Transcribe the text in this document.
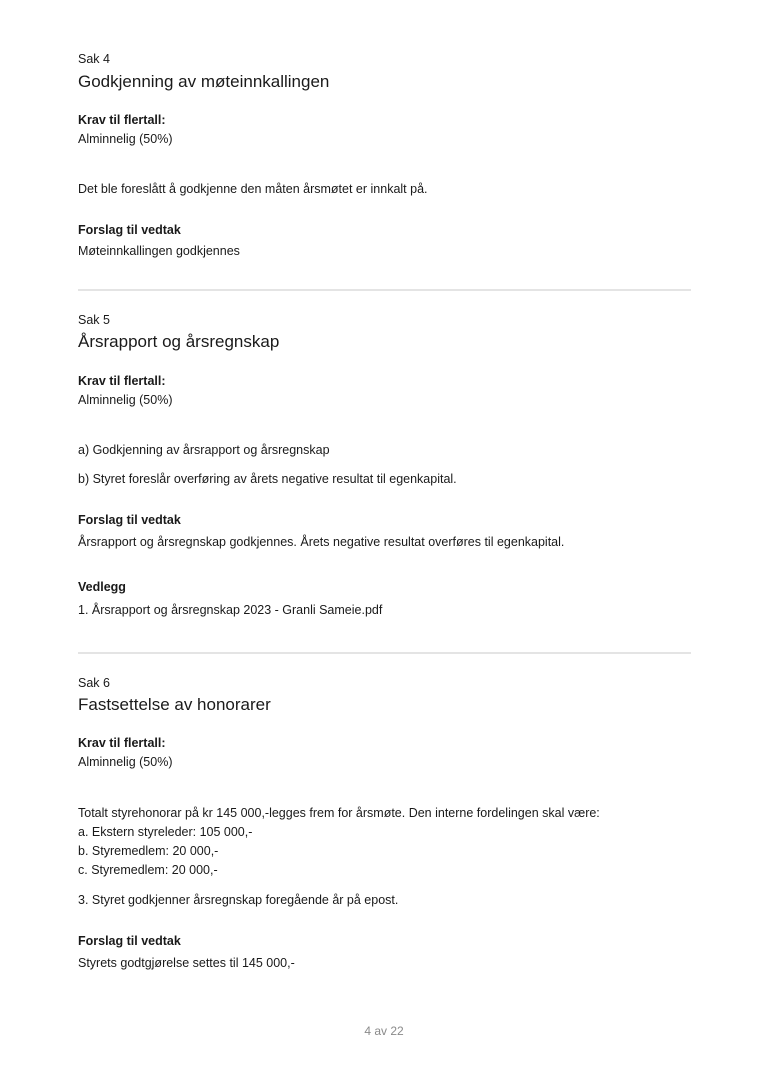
Sak 4
Godkjenning av møteinnkallingen
Krav til flertall:
Alminnelig (50%)
Det ble foreslått å godkjenne den måten årsmøtet er innkalt på.
Forslag til vedtak
Møteinnkallingen godkjennes
Sak 5
Årsrapport og årsregnskap
Krav til flertall:
Alminnelig (50%)
a) Godkjenning av årsrapport og årsregnskap
b) Styret foreslår overføring av årets negative resultat til egenkapital.
Forslag til vedtak
Årsrapport og årsregnskap godkjennes. Årets negative resultat overføres til egenkapital.
Vedlegg
1. Årsrapport og årsregnskap 2023 - Granli Sameie.pdf
Sak 6
Fastsettelse av honorarer
Krav til flertall:
Alminnelig (50%)
Totalt styrehonorar på kr 145 000,-legges frem for årsmøte. Den interne fordelingen skal være:
a. Ekstern styreleder: 105 000,-
b. Styremedlem: 20 000,-
c. Styremedlem: 20 000,-
3. Styret godkjenner årsregnskap foregående år på epost.
Forslag til vedtak
Styrets godtgjørelse settes til 145 000,-
4 av 22
